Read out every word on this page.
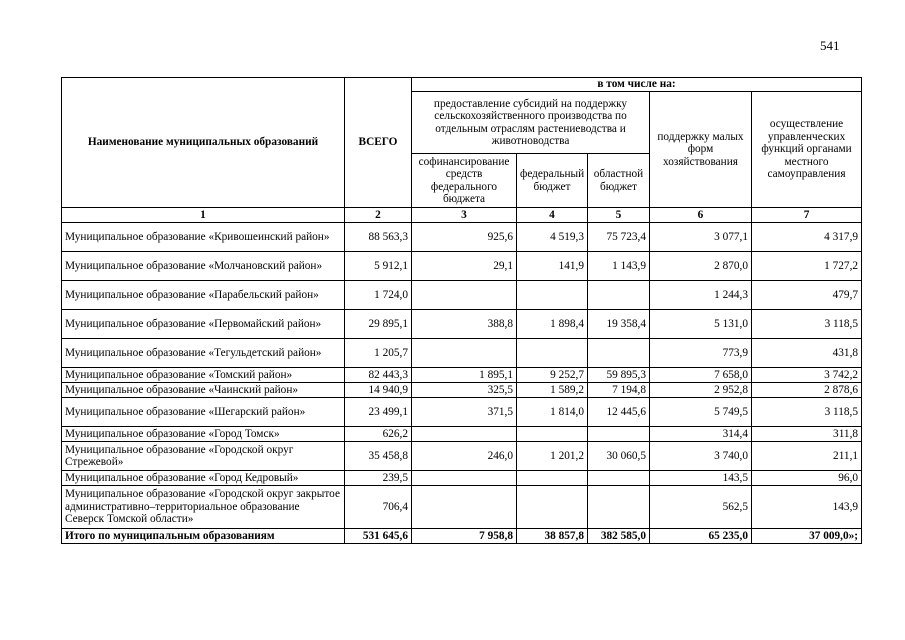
541
Наименование муниципальных образований	ВСЕГО	в том числе на:				
		предоставление субсидий на поддержку сельскохозяйственного производства по отдельным отраслям растениеводства и животноводства			поддержку малых форм хозяйствования	осуществление управленческих функций органами местного самоуправления
		софинансирование средств федерального бюджета	федеральный бюджет	областной бюджет		
1	2	3	4	5	6	7
Муниципальное образование «Кривошеинский район»	88 563,3	925,6	4 519,3	75 723,4	3 077,1	4 317,9
Муниципальное образование «Молчановский район»	5 912,1	29,1	141,9	1 143,9	2 870,0	1 727,2
Муниципальное образование «Парабельский район»	1 724,0				1 244,3	479,7
Муниципальное образование «Первомайский район»	29 895,1	388,8	1 898,4	19 358,4	5 131,0	3 118,5
Муниципальное образование «Тегульдетский район»	1 205,7				773,9	431,8
Муниципальное образование «Томский район»	82 443,3	1 895,1	9 252,7	59 895,3	7 658,0	3 742,2
Муниципальное образование «Чаинский район»	14 940,9	325,5	1 589,2	7 194,8	2 952,8	2 878,6
Муниципальное образование «Шегарский район»	23 499,1	371,5	1 814,0	12 445,6	5 749,5	3 118,5
Муниципальное образование «Город Томск»	626,2				314,4	311,8
Муниципальное образование «Городской округ Стрежевой»	35 458,8	246,0	1 201,2	30 060,5	3 740,0	211,1
Муниципальное образование «Город Кедровый»	239,5				143,5	96,0
Муниципальное образование «Городской округ закрытое административно–территориальное образование Северск Томской области»	706,4				562,5	143,9
Итого по муниципальным образованиям	531 645,6	7 958,8	38 857,8	382 585,0	65 235,0	37 009,0»;
